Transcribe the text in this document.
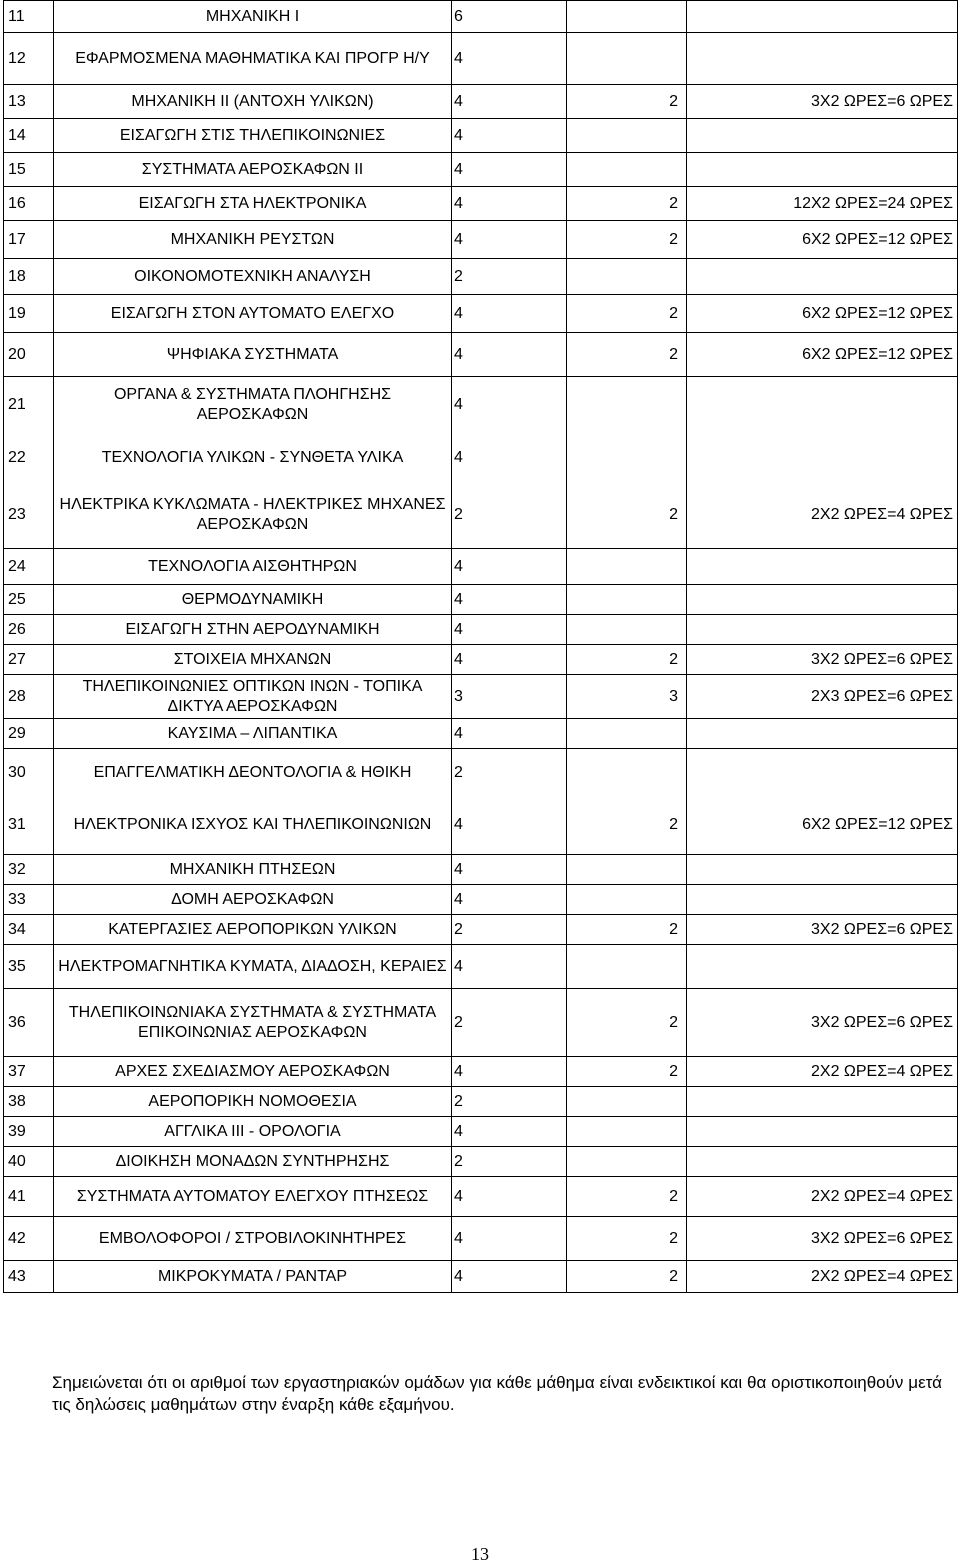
11	ΜΗΧΑΝΙΚΗ Ι	6		
12	ΕΦΑΡΜΟΣΜΕΝΑ ΜΑΘΗΜΑΤΙΚΑ ΚΑΙ ΠΡΟΓΡ Η/Υ	4		
13	ΜΗΧΑΝΙΚΗ ΙΙ (ΑΝΤΟΧΗ ΥΛΙΚΩΝ)	4	2	3Χ2 ΩΡΕΣ=6 ΩΡΕΣ
14	ΕΙΣΑΓΩΓΗ ΣΤΙΣ ΤΗΛΕΠΙΚΟΙΝΩΝΙΕΣ	4		
15	ΣΥΣΤΗΜΑΤΑ ΑΕΡΟΣΚΑΦΩΝ ΙΙ	4		
16	ΕΙΣΑΓΩΓΗ ΣΤΑ ΗΛΕΚΤΡΟΝΙΚΑ	4	2	12Χ2 ΩΡΕΣ=24 ΩΡΕΣ
17	ΜΗΧΑΝΙΚΗ ΡΕΥΣΤΩΝ	4	2	6Χ2 ΩΡΕΣ=12 ΩΡΕΣ
18	ΟΙΚΟΝΟΜΟΤΕΧΝΙΚΗ ΑΝΑΛΥΣΗ	2		
19	ΕΙΣΑΓΩΓΗ ΣΤΟΝ ΑΥΤΟΜΑΤΟ ΕΛΕΓΧΟ	4	2	6Χ2 ΩΡΕΣ=12 ΩΡΕΣ
20	ΨΗΦΙΑΚΑ ΣΥΣΤΗΜΑΤΑ	4	2	6Χ2 ΩΡΕΣ=12 ΩΡΕΣ
21	ΟΡΓΑΝΑ & ΣΥΣΤΗΜΑΤΑ ΠΛΟΗΓΗΣΗΣ ΑΕΡΟΣΚΑΦΩΝ	4		
22	ΤΕΧΝΟΛΟΓΙΑ ΥΛΙΚΩΝ - ΣΥΝΘΕΤΑ ΥΛΙΚΑ	4		
23	ΗΛΕΚΤΡΙΚΑ ΚΥΚΛΩΜΑΤΑ - ΗΛΕΚΤΡΙΚΕΣ ΜΗΧΑΝΕΣ ΑΕΡΟΣΚΑΦΩΝ	2	2	2Χ2 ΩΡΕΣ=4 ΩΡΕΣ
24	ΤΕΧΝΟΛΟΓΙΑ ΑΙΣΘΗΤΗΡΩΝ	4		
25	ΘΕΡΜΟΔΥΝΑΜΙΚΗ	4		
26	ΕΙΣΑΓΩΓΗ ΣΤΗΝ ΑΕΡΟΔΥΝΑΜΙΚΗ	4		
27	ΣΤΟΙΧΕΙΑ ΜΗΧΑΝΩΝ	4	2	3Χ2 ΩΡΕΣ=6 ΩΡΕΣ
28	ΤΗΛΕΠΙΚΟΙΝΩΝΙΕΣ ΟΠΤΙΚΩΝ ΙΝΩΝ - ΤΟΠΙΚΑ ΔΙΚΤΥΑ ΑΕΡΟΣΚΑΦΩΝ	3	3	2Χ3 ΩΡΕΣ=6 ΩΡΕΣ
29	ΚΑΥΣΙΜΑ – ΛΙΠΑΝΤΙΚΑ	4		
30	ΕΠΑΓΓΕΛΜΑΤΙΚΗ ΔΕΟΝΤΟΛΟΓΙΑ & ΗΘΙΚΗ	2		
31	ΗΛΕΚΤΡΟΝΙΚΑ ΙΣΧΥΟΣ ΚΑΙ ΤΗΛΕΠΙΚΟΙΝΩΝΙΩΝ	4	2	6Χ2 ΩΡΕΣ=12 ΩΡΕΣ
32	ΜΗΧΑΝΙΚΗ ΠΤΗΣΕΩΝ	4		
33	ΔΟΜΗ ΑΕΡΟΣΚΑΦΩΝ	4		
34	ΚΑΤΕΡΓΑΣΙΕΣ ΑΕΡΟΠΟΡΙΚΩΝ ΥΛΙΚΩΝ	2	2	3Χ2 ΩΡΕΣ=6 ΩΡΕΣ
35	ΗΛΕΚΤΡΟΜΑΓΝΗΤΙΚΑ ΚΥΜΑΤΑ, ΔΙΑΔΟΣΗ, ΚΕΡΑΙΕΣ	4		
36	ΤΗΛΕΠΙΚΟΙΝΩΝΙΑΚΑ ΣΥΣΤΗΜΑΤΑ & ΣΥΣΤΗΜΑΤΑ ΕΠΙΚΟΙΝΩΝΙΑΣ ΑΕΡΟΣΚΑΦΩΝ	2	2	3Χ2 ΩΡΕΣ=6 ΩΡΕΣ
37	ΑΡΧΕΣ ΣΧΕΔΙΑΣΜΟΥ ΑΕΡΟΣΚΑΦΩΝ	4	2	2Χ2 ΩΡΕΣ=4 ΩΡΕΣ
38	ΑΕΡΟΠΟΡΙΚΗ ΝΟΜΟΘΕΣΙΑ	2		
39	ΑΓΓΛΙΚΑ ΙΙΙ - ΟΡΟΛΟΓΙΑ	4		
40	ΔΙΟΙΚΗΣΗ ΜΟΝΑΔΩΝ ΣΥΝΤΗΡΗΣΗΣ	2		
41	ΣΥΣΤΗΜΑΤΑ ΑΥΤΟΜΑΤΟΥ ΕΛΕΓΧΟΥ ΠΤΗΣΕΩΣ	4	2	2Χ2 ΩΡΕΣ=4 ΩΡΕΣ
42	ΕΜΒΟΛΟΦΟΡΟΙ / ΣΤΡΟΒΙΛΟΚΙΝΗΤΗΡΕΣ	4	2	3Χ2 ΩΡΕΣ=6 ΩΡΕΣ
43	ΜΙΚΡΟΚΥΜΑΤΑ / ΡΑΝΤΑΡ	4	2	2Χ2 ΩΡΕΣ=4 ΩΡΕΣ
Σημειώνεται ότι οι αριθμοί των εργαστηριακών ομάδων για κάθε μάθημα είναι ενδεικτικοί και θα οριστικοποιηθούν μετά τις δηλώσεις μαθημάτων στην έναρξη κάθε εξαμήνου.
13
